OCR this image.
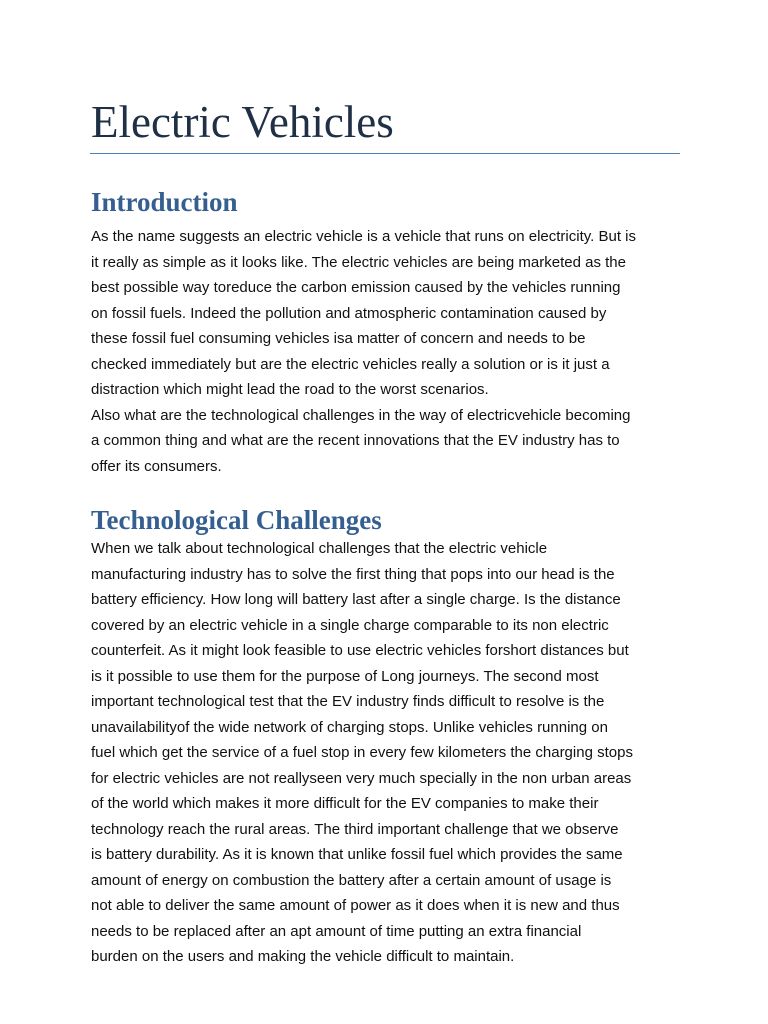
Electric Vehicles
Introduction
As the name suggests an electric vehicle is a vehicle that runs on electricity. But is
it really as simple as it looks like. The electric vehicles are being marketed as the
best possible way toreduce the carbon emission caused by the vehicles running
on fossil fuels. Indeed the pollution and atmospheric contamination caused by
these fossil fuel consuming vehicles isa matter of concern and needs to be
checked immediately but are the electric vehicles really a solution or is it just a
distraction which might lead the road to the worst scenarios.
Also what are the technological challenges in the way of electricvehicle becoming
a common thing and what are the recent innovations that the EV industry has to
offer its consumers.
Technological Challenges
When we talk about technological challenges that the electric vehicle
manufacturing industry has to solve the first thing that pops into our head is the
battery efficiency. How long will battery last after a single charge. Is the distance
covered by an electric vehicle in a single charge comparable to its non electric
counterfeit. As it might look feasible to use electric vehicles forshort distances but
is it possible to use them for the purpose of Long journeys. The second most
important technological test that the EV industry finds difficult to resolve is the
unavailabilityof the wide network of charging stops. Unlike vehicles running on
fuel which get the service of a fuel stop in every few kilometers the charging stops
for electric vehicles are not reallyseen very much specially in the non urban areas
of the world which makes it more difficult for the EV companies to make their
technology reach the rural areas. The third important challenge that we observe
is battery durability. As it is known that unlike fossil fuel which provides the same
amount of energy on combustion the battery after a certain amount of usage is
not able to deliver the same amount of power as it does when it is new and thus
needs to be replaced after an apt amount of time putting an extra financial
burden on the users and making the vehicle difficult to maintain.
